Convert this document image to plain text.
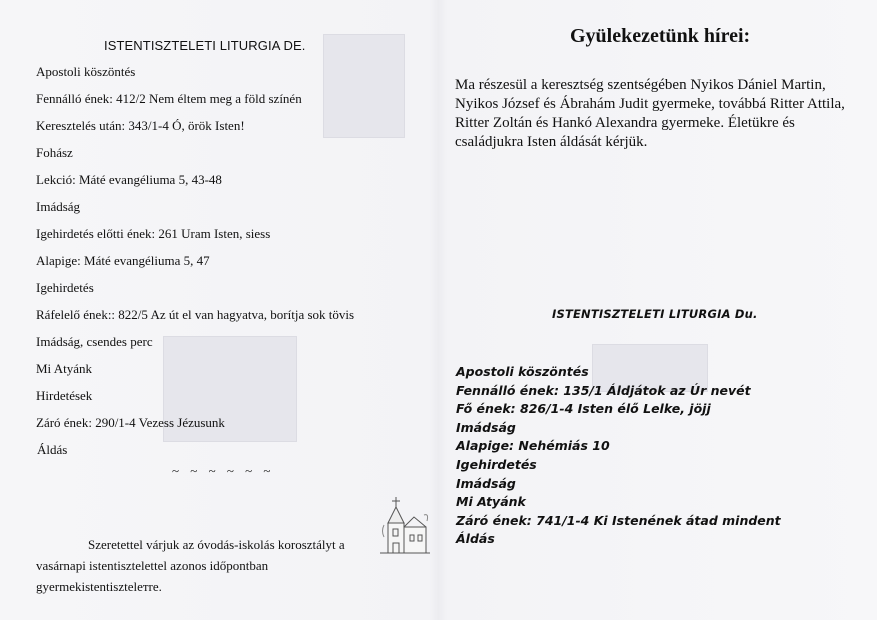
ISTENTISZTELETI LITURGIA DE.
Apostoli köszöntés
Fennálló ének: 412/2 Nem éltem meg a föld színén
Keresztelés után: 343/1-4 Ó, örök Isten!
Fohász
Lekció: Máté evangéliuma 5, 43-48
Imádság
Igehirdetés előtti ének: 261 Uram Isten, siess
Alapige: Máté evangéliuma 5, 47
Igehirdetés
Ráfelelő ének:: 822/5 Az út el van hagyatva, borítja sok tövis
Imádság, csendes perc
Mi Atyánk
Hirdetések
Záró ének: 290/1-4 Vezess Jézusunk
Áldás
~ ~ ~ ~ ~ ~
Szeretettel várjuk az óvodás-iskolás korosztályt a
vasárnapi istentisztelettel azonos időpontban
gyermekistentisztelетre.
Gyülekezetünk hírei:
Ma részesül a keresztség szentségében Nyikos Dániel Martin, Nyikos József és Ábrahám Judit gyermeke, továbbá Ritter Attila, Ritter Zoltán és Hankó Alexandra gyermeke. Életükre és családjukra Isten áldását kérjük.
ISTENTISZTELETI LITURGIA Du.
Apostoli köszöntés
Fennálló ének: 135/1 Áldjátok az Úr nevét
Fő ének: 826/1-4 Isten élő Lelke, jöjj
Imádság
Alapige: Nehémiás 10
Igehirdetés
Imádság
Mi Atyánk
Záró ének: 741/1-4 Ki Istenének átad mindent
Áldás
